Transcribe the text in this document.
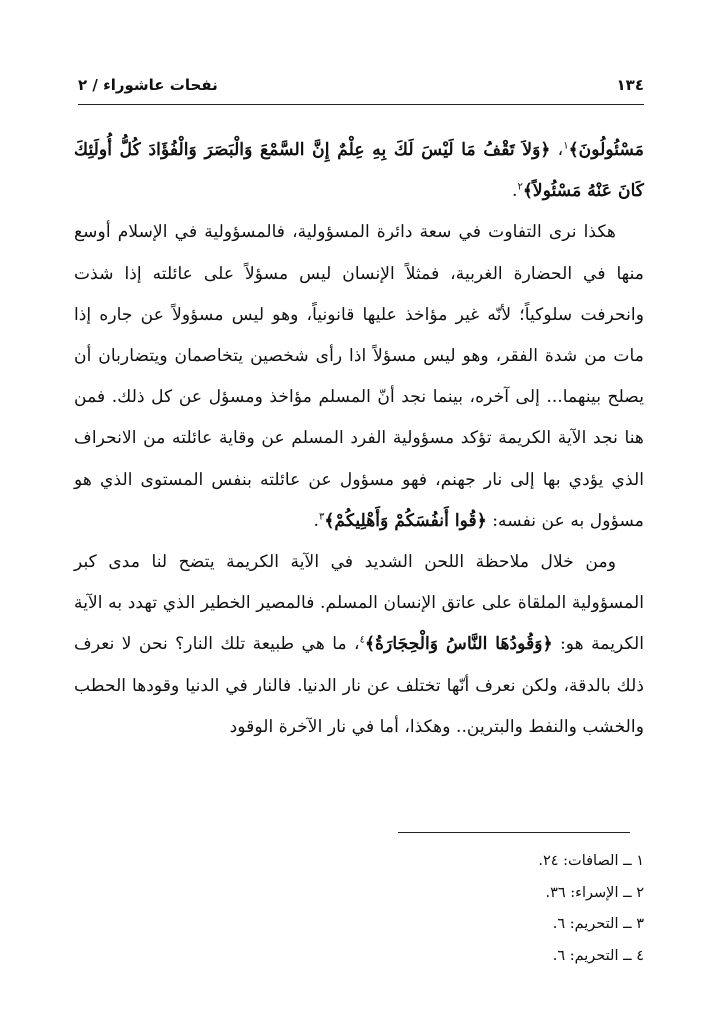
١٣٤
نفحات عاشوراء / ٢

مَسْئُولُونَ﴾$^١$، ﴿وَلاَ تَقْفُ مَا لَيْسَ لَكَ بِهِ عِلْمٌ إِنَّ السَّمْعَ وَالْبَصَرَ وَالْفُؤَادَ كُلُّ أُولَئِكَ كَانَ عَنْهُ مَسْئُولاً﴾$^٢$.

هكذا نرى التفاوت في سعة دائرة المسؤولية، فالمسؤولية في الإسلام أوسع منها في الحضارة الغربية، فمثلاً الإنسان ليس مسؤلاً على عائلته إذا شذت وانحرفت سلوكياً؛ لأنّه غير مؤاخذ عليها قانونياً، وهو ليس مسؤولاً عن جاره إذا مات من شدة الفقر، وهو ليس مسؤلاً اذا رأى شخصين يتخاصمان ويتضاربان أن يصلح بينهما... إلى آخره، بينما نجد أنّ المسلم مؤاخذ ومسؤل عن كل ذلك. فمن هنا نجد الآية الكريمة تؤكد مسؤولية الفرد المسلم عن وقاية عائلته من الانحراف الذي يؤدي بها إلى نار جهنم، فهو مسؤول عن عائلته بنفس المستوى الذي هو مسؤول به عن نفسه: ﴿قُوا أَنفُسَكُمْ وَأَهْلِيكُمْ﴾$^٣$.

ومن خلال ملاحظة اللحن الشديد في الآية الكريمة يتضح لنا مدى كبر المسؤولية الملقاة على عاتق الإنسان المسلم. فالمصير الخطير الذي تهدد به الآية الكريمة هو: ﴿وَقُودُهَا النَّاسُ وَالْحِجَارَةُ﴾$^٤$، ما هي طبيعة تلك النار؟ نحن لا نعرف ذلك بالدقة، ولكن نعرف أنّها تختلف عن نار الدنيا. فالنار في الدنيا وقودها الحطب والخشب والنفط والبترين.. وهكذا، أما في نار الآخرة الوقود

١ ــ الصافات: ٢٤.

٢ ــ الإسراء: ٣٦.

٣ ــ التحريم: ٦.

٤ ــ التحريم: ٦.
